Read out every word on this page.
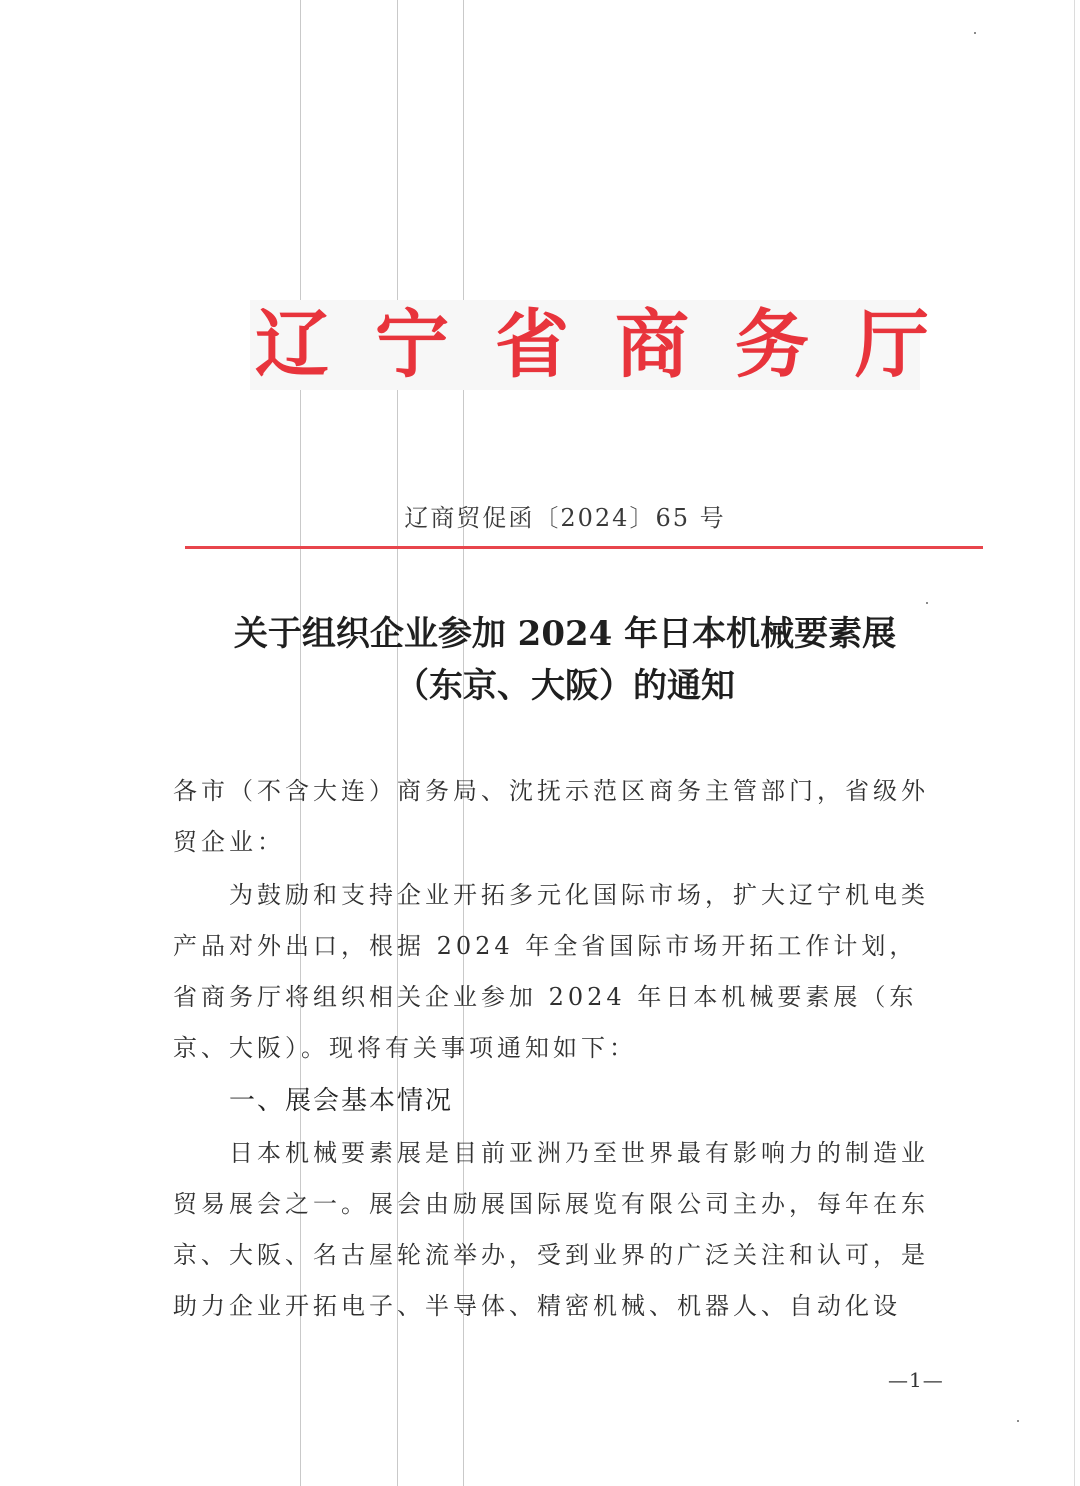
辽宁省商务厅
辽商贸促函〔2024〕65 号
关于组织企业参加 2024 年日本机械要素展
（东京、大阪）的通知
各市（不含大连）商务局、沈抚示范区商务主管部门，省级外贸企业：
为鼓励和支持企业开拓多元化国际市场，扩大辽宁机电类产品对外出口，根据 2024 年全省国际市场开拓工作计划，省商务厅将组织相关企业参加 2024 年日本机械要素展（东京、大阪）。现将有关事项通知如下：
一、展会基本情况
日本机械要素展是目前亚洲乃至世界最有影响力的制造业贸易展会之一。展会由励展国际展览有限公司主办，每年在东京、大阪、名古屋轮流举办，受到业界的广泛关注和认可，是助力企业开拓电子、半导体、精密机械、机器人、自动化设
—1—
